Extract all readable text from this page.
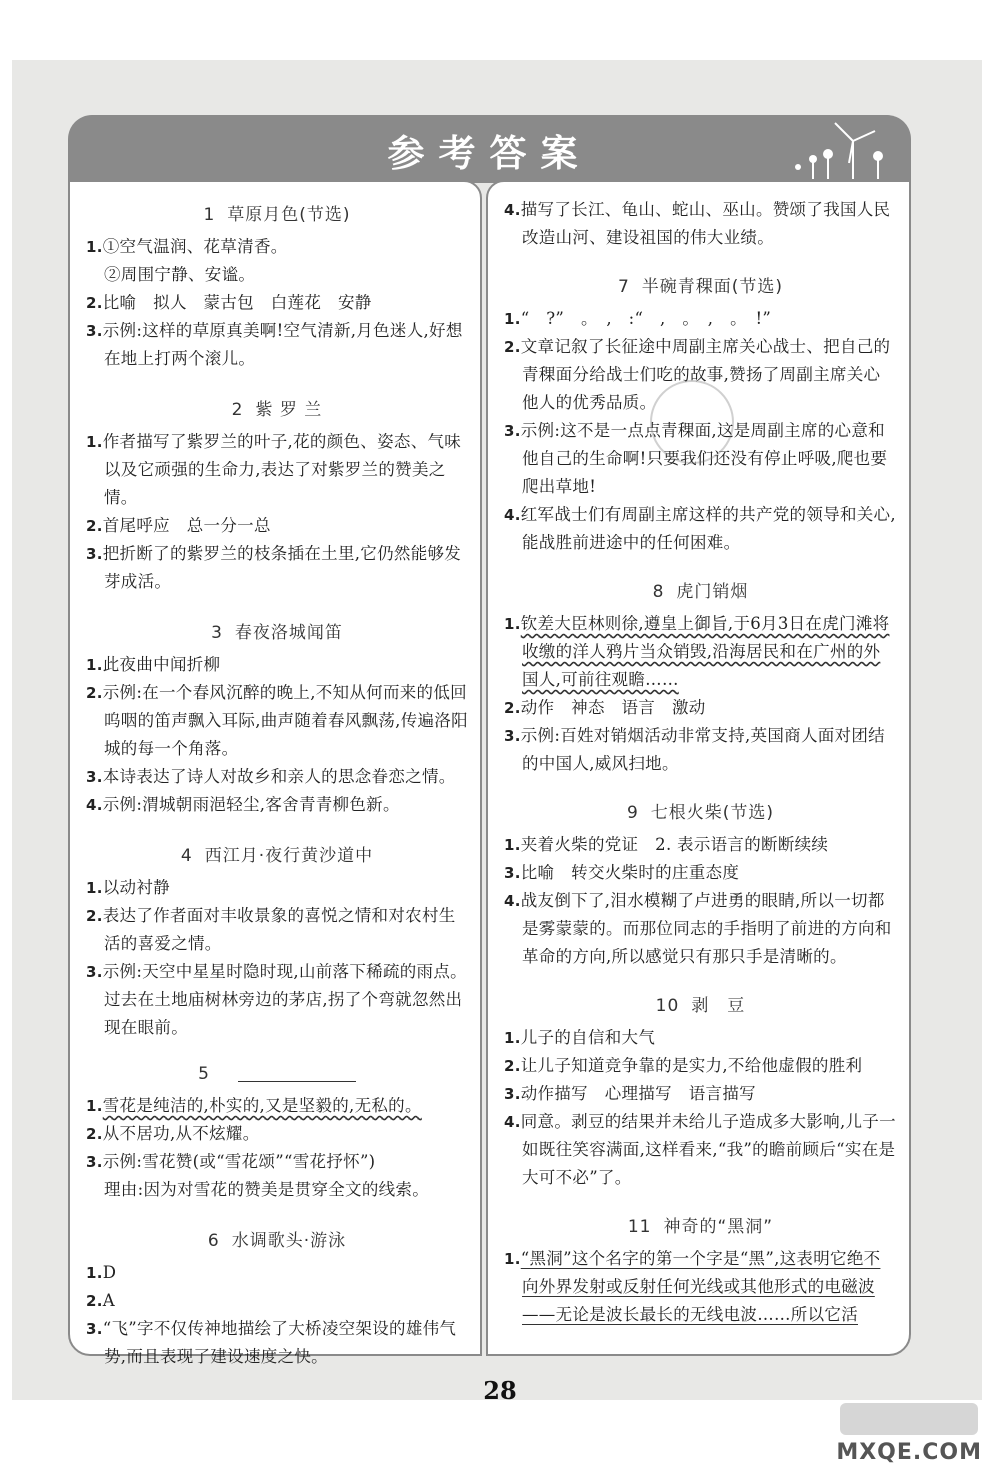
参考答案
1 草原月色(节选)

1.①空气温润、花草清香。

②周围宁静、安谧。

2.比喻　拟人　蒙古包　白莲花　安静

3.示例:这样的草原真美啊!空气清新,月色迷人,好想在地上打两个滚儿。

2 紫 罗 兰

1.作者描写了紫罗兰的叶子,花的颜色、姿态、气味以及它顽强的生命力,表达了对紫罗兰的赞美之情。

2.首尾呼应　总一分一总

3.把折断了的紫罗兰的枝条插在土里,它仍然能够发芽成活。

3 春夜洛城闻笛

1.此夜曲中闻折柳

2.示例:在一个春风沉醉的晚上,不知从何而来的低回呜咽的笛声飘入耳际,曲声随着春风飘荡,传遍洛阳城的每一个角落。

3.本诗表达了诗人对故乡和亲人的思念眷恋之情。

4.示例:渭城朝雨浥轻尘,客舍青青柳色新。

4 西江月·夜行黄沙道中

1.以动衬静

2.表达了作者面对丰收景象的喜悦之情和对农村生活的喜爱之情。

3.示例:天空中星星时隐时现,山前落下稀疏的雨点。过去在土地庙树林旁边的茅店,拐了个弯就忽然出现在眼前。

5

1.雪花是纯洁的,朴实的,又是坚毅的,无私的。

2.从不居功,从不炫耀。

3.示例:雪花赞(或“雪花颂”“雪花抒怀”)

理由:因为对雪花的赞美是贯穿全文的线索。

6 水调歌头·游泳

1.D

2.A

3.“飞”字不仅传神地描绘了大桥凌空架设的雄伟气势,而且表现了建设速度之快。

4.描写了长江、龟山、蛇山、巫山。赞颂了我国人民改造山河、建设祖国的伟大业绩。

7 半碗青稞面(节选)

1.“　?”　。　,　:“　,　。　,　。　!”

2.文章记叙了长征途中周副主席关心战士、把自己的青稞面分给战士们吃的故事,赞扬了周副主席关心他人的优秀品质。

3.示例:这不是一点点青稞面,这是周副主席的心意和他自己的生命啊!只要我们还没有停止呼吸,爬也要爬出草地!

4.红军战士们有周副主席这样的共产党的领导和关心,能战胜前进途中的任何困难。

8 虎门销烟

1.钦差大臣林则徐,遵皇上御旨,于6月3日在虎门滩将收缴的洋人鸦片当众销毁,沿海居民和在广州的外国人,可前往观瞻……

2.动作　神态　语言　激动

3.示例:百姓对销烟活动非常支持,英国商人面对团结的中国人,威风扫地。

9 七根火柴(节选)

1.夹着火柴的党证　2. 表示语言的断断续续

3.比喻　转交火柴时的庄重态度

4.战友倒下了,泪水模糊了卢进勇的眼睛,所以一切都是雾蒙蒙的。而那位同志的手指明了前进的方向和革命的方向,所以感觉只有那只手是清晰的。

10 剥　豆

1.儿子的自信和大气

2.让儿子知道竞争靠的是实力,不给他虚假的胜利

3.动作描写　心理描写　语言描写

4.同意。剥豆的结果并未给儿子造成多大影响,儿子一如既往笑容满面,这样看来,“我”的瞻前顾后“实在是大可不必”了。

11 神奇的“黑洞”

1.“黑洞”这个名字的第一个字是“黑”,这表明它绝不向外界发射或反射任何光线或其他形式的电磁波——无论是波长最长的无线电波……所以它活

28
MXQE.COM
